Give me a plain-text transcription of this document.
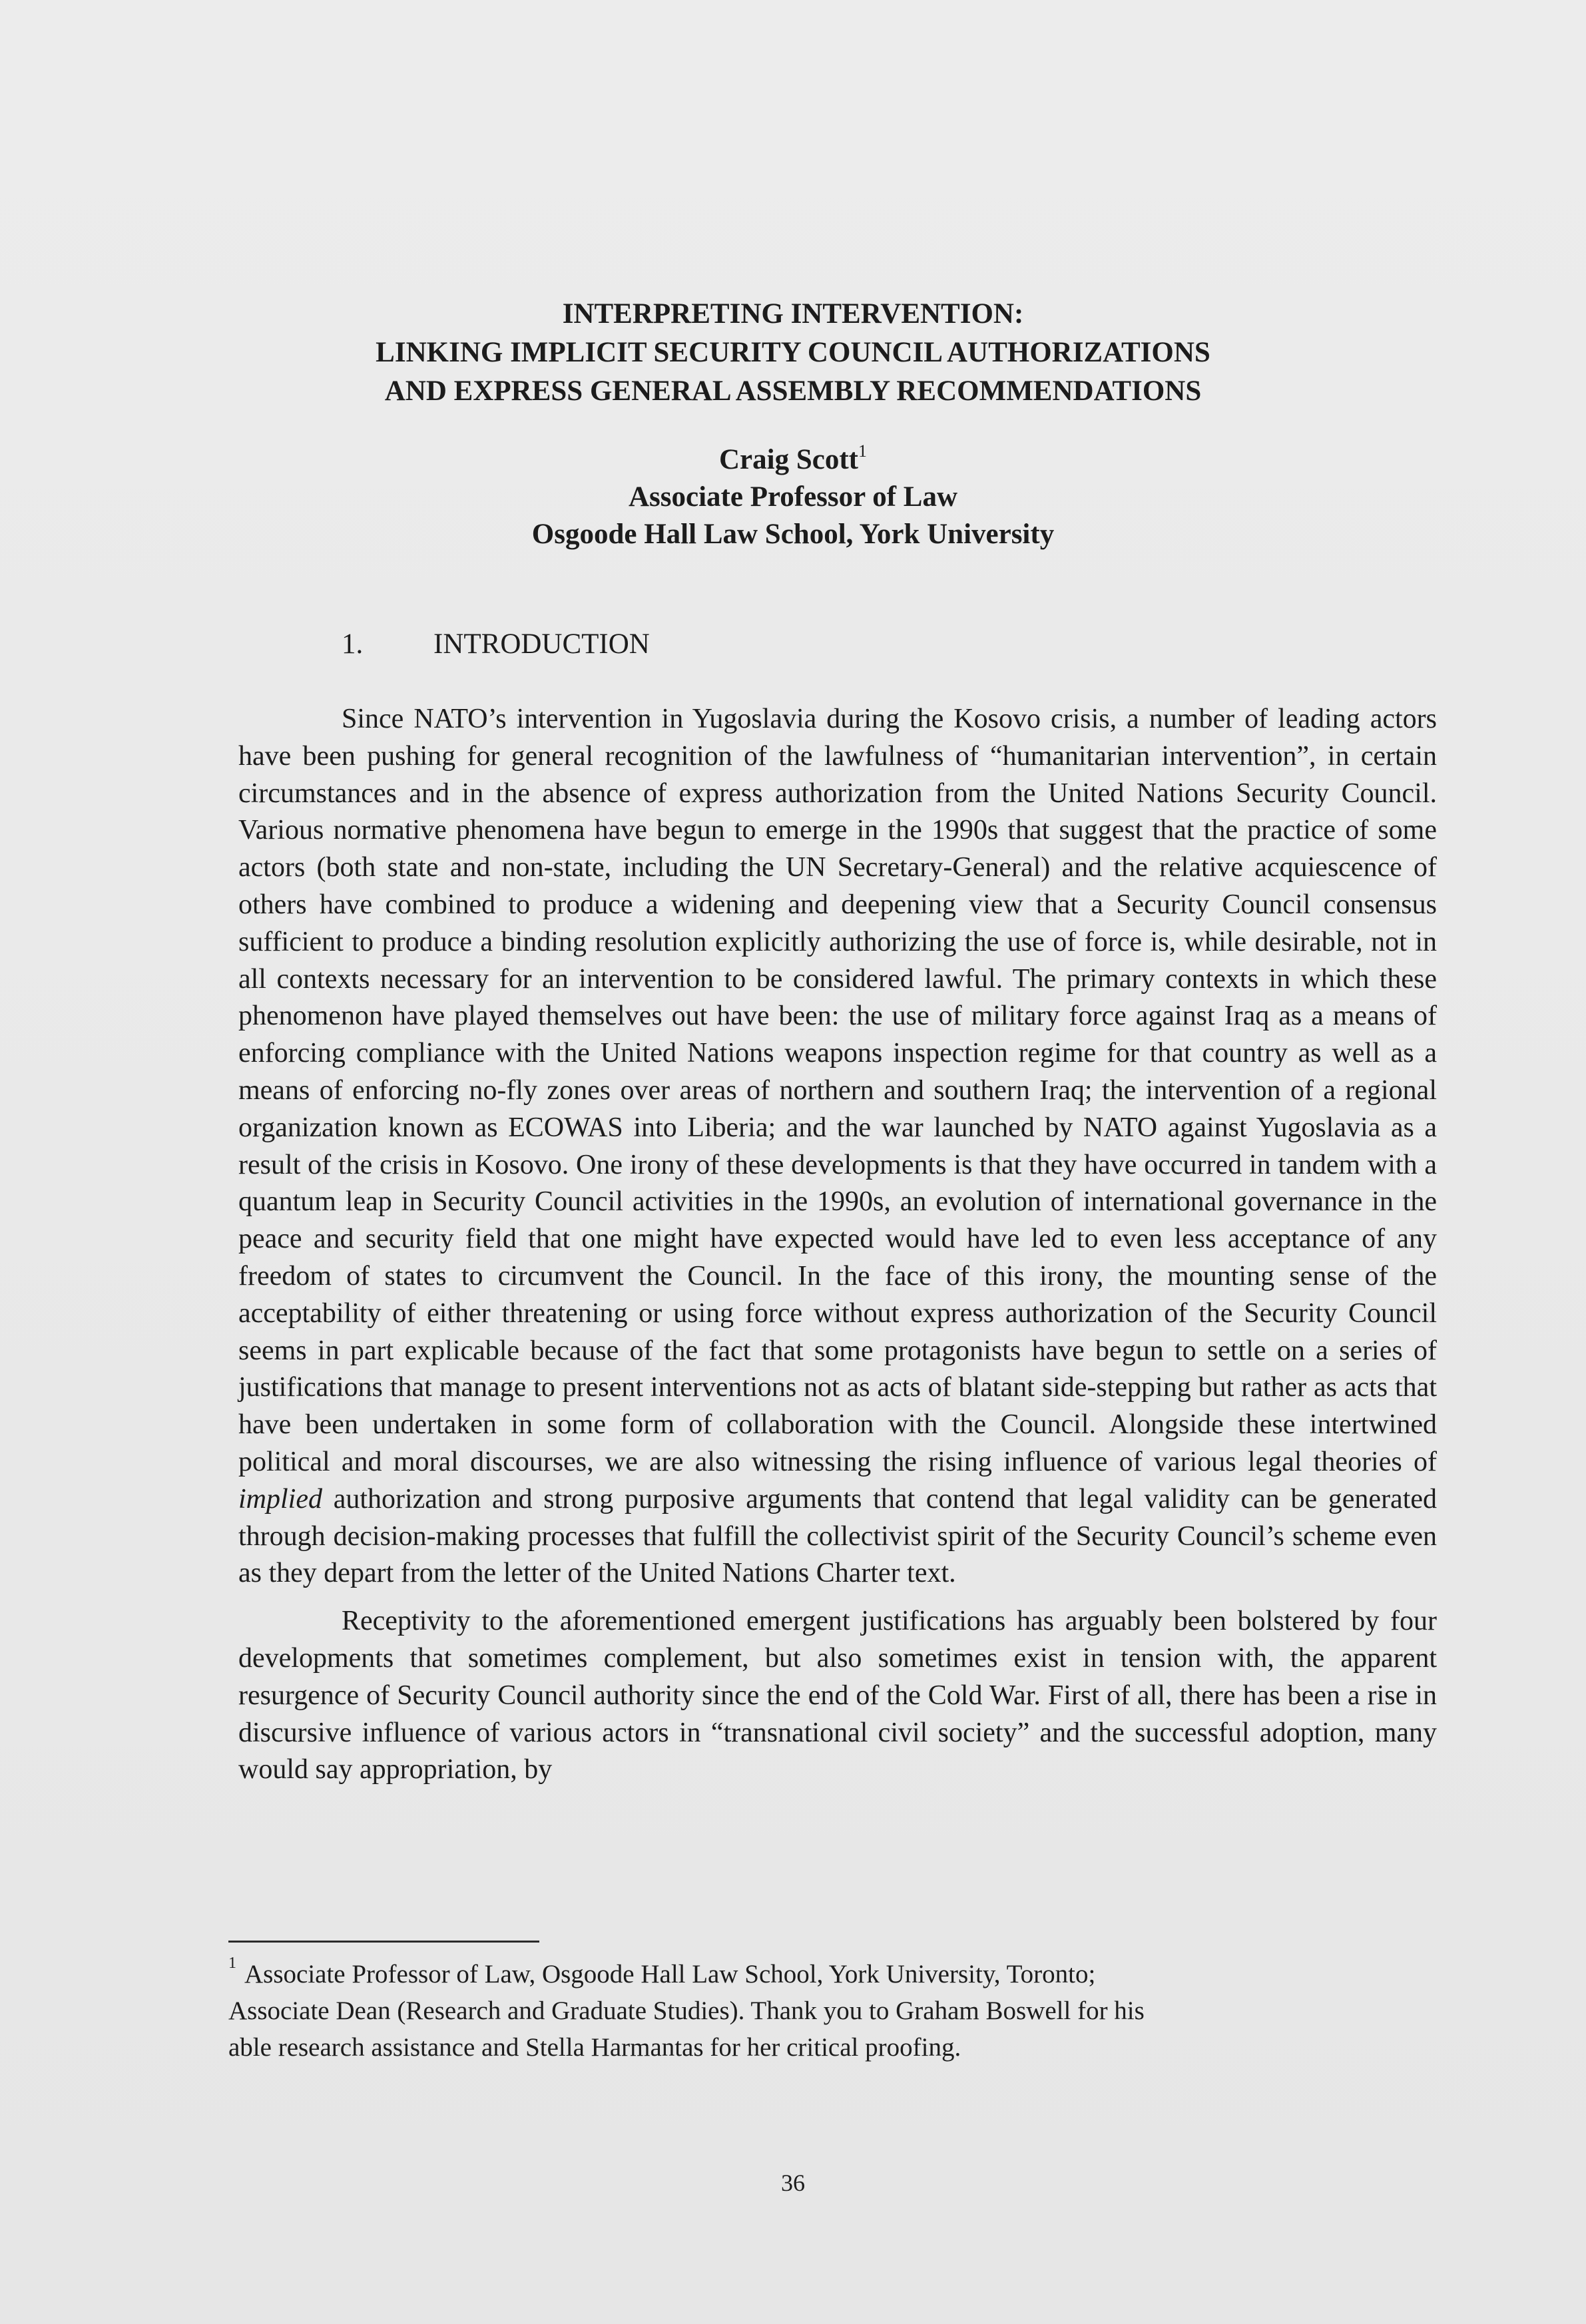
INTERPRETING INTERVENTION:
LINKING IMPLICIT SECURITY COUNCIL AUTHORIZATIONS
AND EXPRESS GENERAL ASSEMBLY RECOMMENDATIONS
Craig Scott$^1$
Associate Professor of Law
Osgoode Hall Law School, York University
1. INTRODUCTION

Since NATO’s intervention in Yugoslavia during the Kosovo crisis, a number of leading actors have been pushing for general recognition of the lawfulness of “humanitarian intervention”, in certain circumstances and in the absence of express authorization from the United Nations Security Council. Various normative phenomena have begun to emerge in the 1990s that suggest that the practice of some actors (both state and non-state, including the UN Secretary-General) and the relative acquiescence of others have combined to produce a widening and deepening view that a Security Council consensus sufficient to produce a binding resolution explicitly authorizing the use of force is, while desirable, not in all contexts necessary for an intervention to be considered lawful. The primary contexts in which these phenomenon have played themselves out have been: the use of military force against Iraq as a means of enforcing compliance with the United Nations weapons inspection regime for that country as well as a means of enforcing no-fly zones over areas of northern and southern Iraq; the intervention of a regional organization known as ECOWAS into Liberia; and the war launched by NATO against Yugoslavia as a result of the crisis in Kosovo. One irony of these developments is that they have occurred in tandem with a quantum leap in Security Council activities in the 1990s, an evolution of international governance in the peace and security field that one might have expected would have led to even less acceptance of any freedom of states to circumvent the Council. In the face of this irony, the mounting sense of the acceptability of either threatening or using force without express authorization of the Security Council seems in part explicable because of the fact that some protagonists have begun to settle on a series of justifications that manage to present interventions not as acts of blatant side-stepping but rather as acts that have been undertaken in some form of collaboration with the Council. Alongside these intertwined political and moral discourses, we are also witnessing the rising influence of various legal theories of implied authorization and strong purposive arguments that contend that legal validity can be generated through decision-making processes that fulfill the collectivist spirit of the Security Council’s scheme even as they depart from the letter of the United Nations Charter text.

Receptivity to the aforementioned emergent justifications has arguably been bolstered by four developments that sometimes complement, but also sometimes exist in tension with, the apparent resurgence of Security Council authority since the end of the Cold War. First of all, there has been a rise in discursive influence of various actors in “transnational civil society” and the successful adoption, many would say appropriation, by

$^1$ Associate Professor of Law, Osgoode Hall Law School, York University, Toronto;
Associate Dean (Research and Graduate Studies). Thank you to Graham Boswell for his
able research assistance and Stella Harmantas for her critical proofing.
36
